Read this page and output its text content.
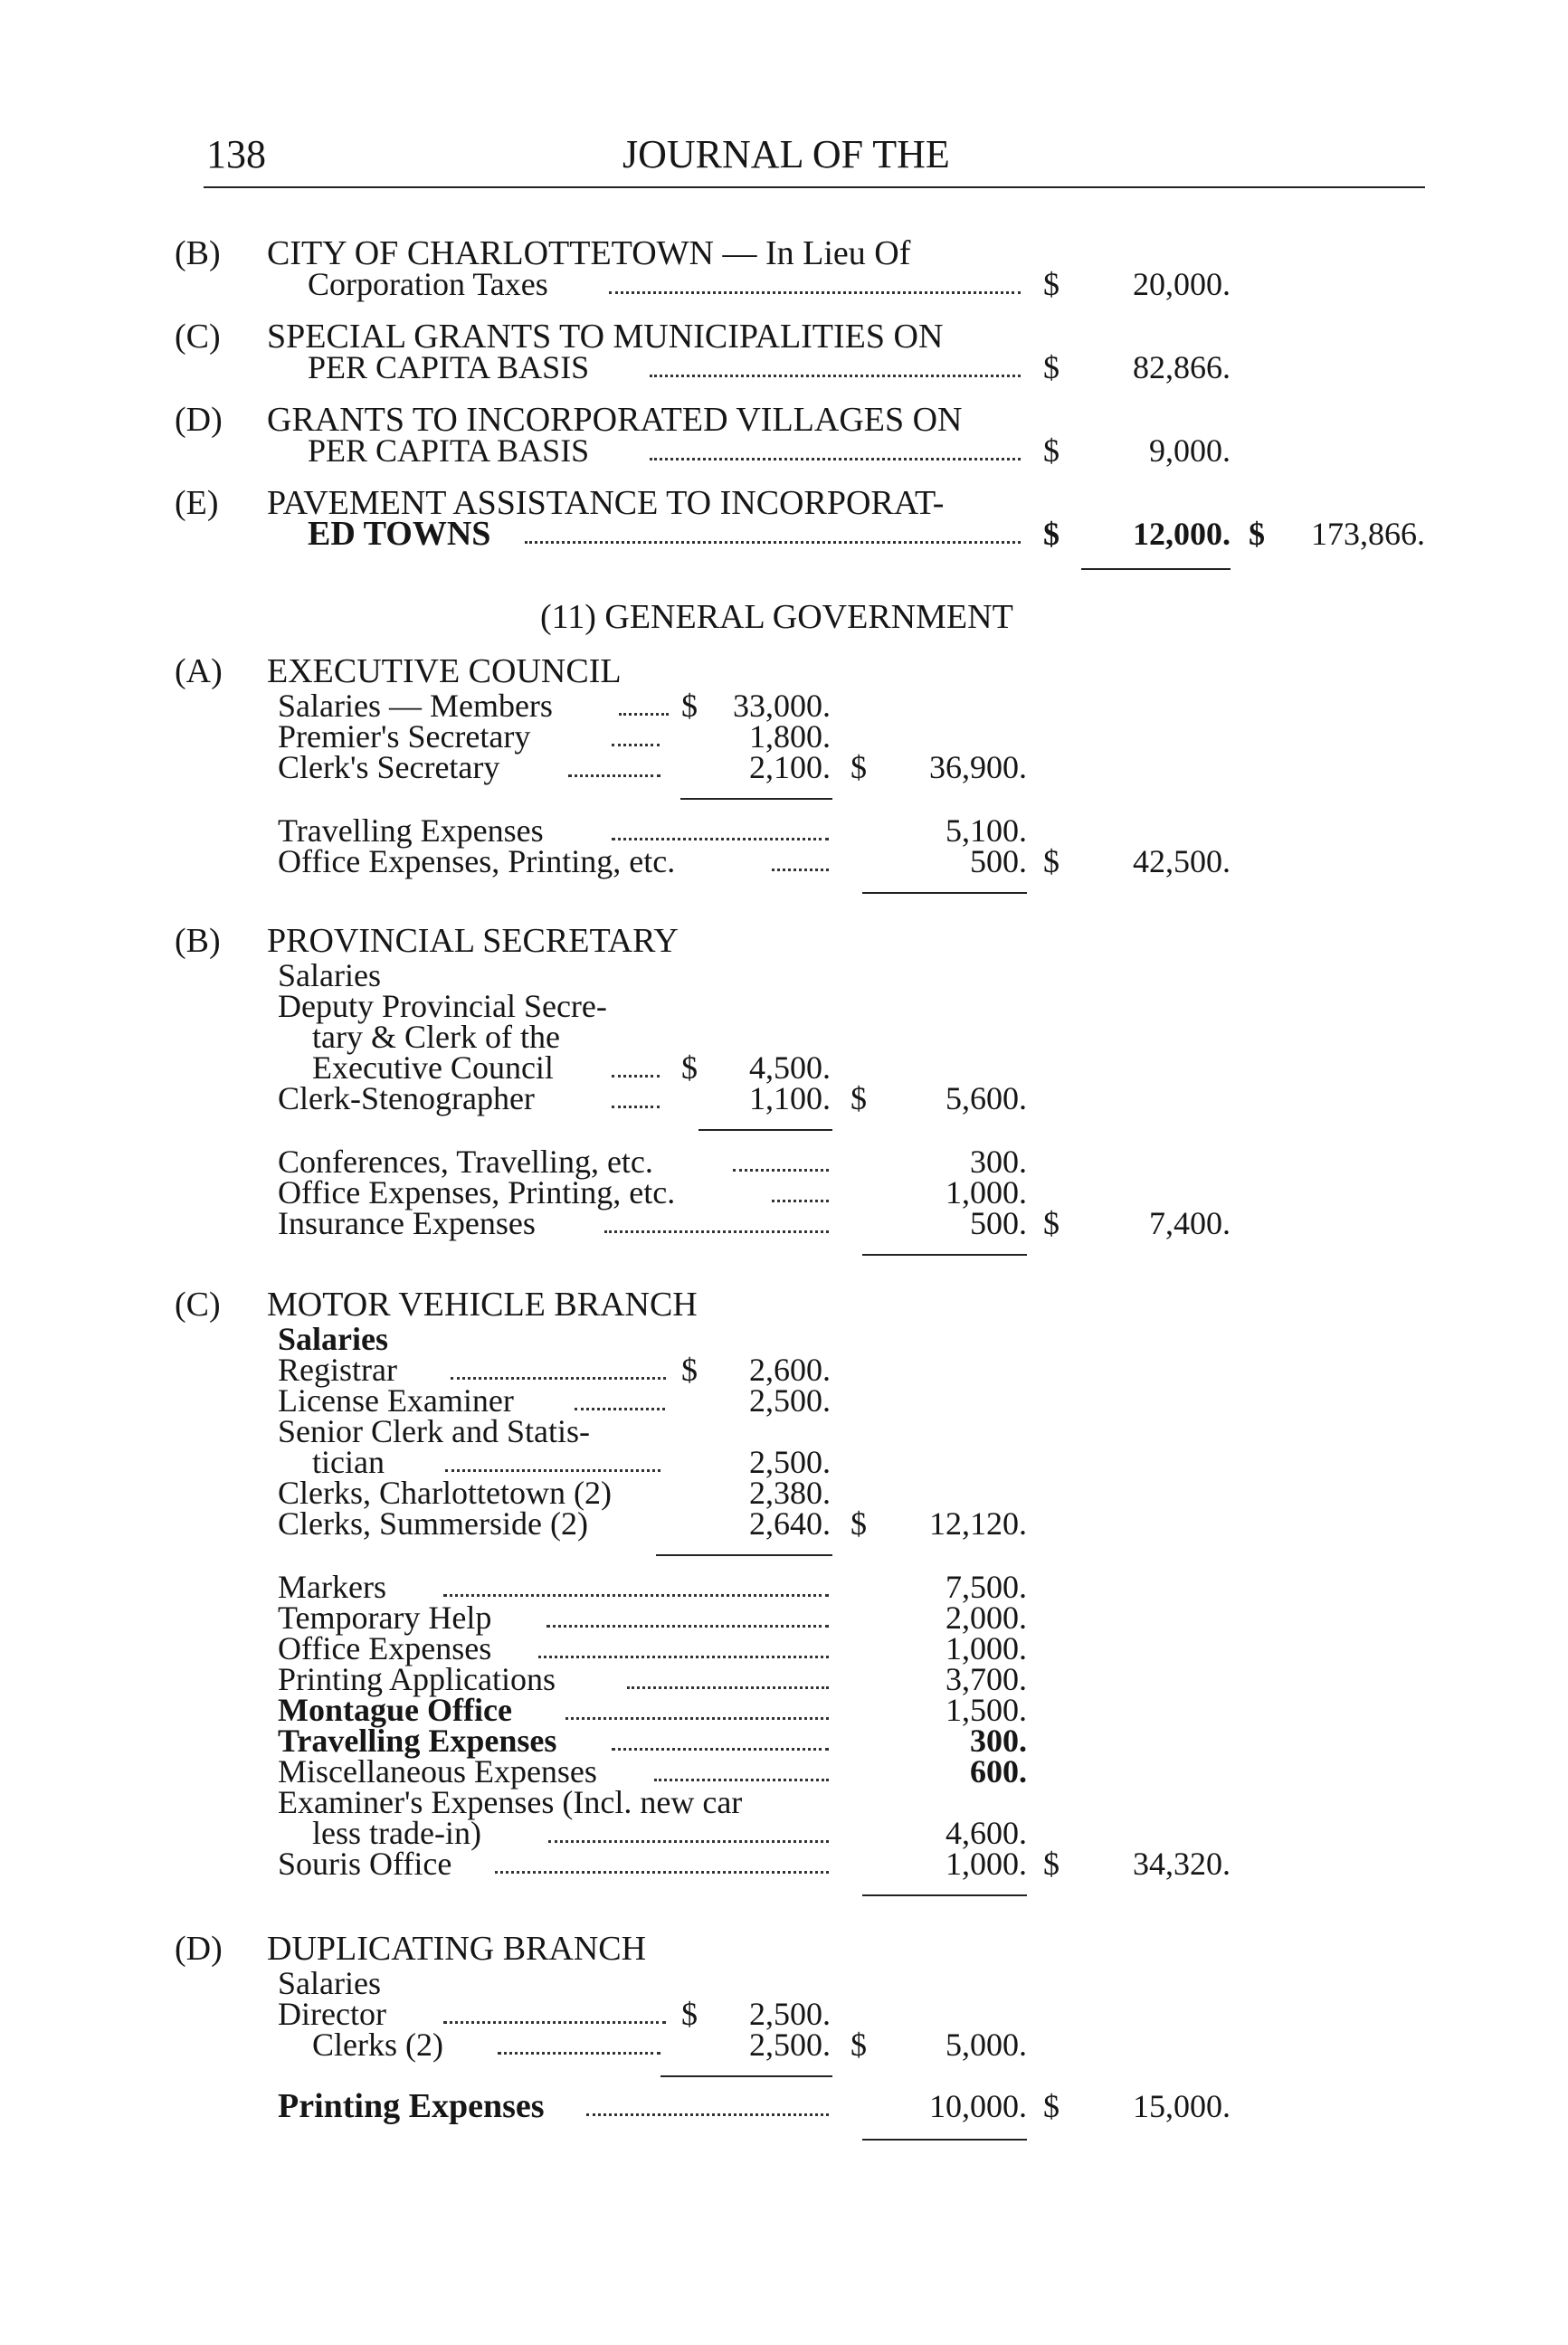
138	JOURNAL OF THE
(B) CITY OF CHARLOTTETOWN — In Lieu Of
Corporation Taxes	$	20,000.
(C) SPECIAL GRANTS TO MUNICIPALITIES ON
PER CAPITA BASIS	$	82,866.
(D) GRANTS TO INCORPORATED VILLAGES ON
PER CAPITA BASIS	$	9,000.
(E) PAVEMENT ASSISTANCE TO INCORPORAT-
ED TOWNS	$	12,000. $	173,866.
(11) GENERAL GOVERNMENT
(A) EXECUTIVE COUNCIL
Salaries — Members	$	33,000.
Premier's Secretary	1,800.
Clerk's Secretary	2,100. $	36,900.
Travelling Expenses	5,100.
Office Expenses, Printing, etc.	500. $	42,500.
(B) PROVINCIAL SECRETARY
Salaries
Deputy Provincial Secre-
tary & Clerk of the
Executive Council	$	4,500.
Clerk-Stenographer	1,100. $	5,600.
Conferences, Travelling, etc.	300.
Office Expenses, Printing, etc.	1,000.
Insurance Expenses	500. $	7,400.
(C) MOTOR VEHICLE BRANCH
Salaries
Registrar	$	2,600.
License Examiner	2,500.
Senior Clerk and Statis-
tician	2,500.
Clerks, Charlottetown (2)	2,380.
Clerks, Summerside (2)	2,640. $	12,120.
Markers	7,500.
Temporary Help	2,000.
Office Expenses	1,000.
Printing Applications	3,700.
Montague Office	1,500.
Travelling Expenses	300.
Miscellaneous Expenses	600.
Examiner's Expenses (Incl. new car
less trade-in)	4,600.
Souris Office	1,000. $	34,320.
(D) DUPLICATING BRANCH
Salaries
Director	$	2,500.
Clerks (2)	2,500. $	5,000.
Printing Expenses	10,000. $	15,000.
